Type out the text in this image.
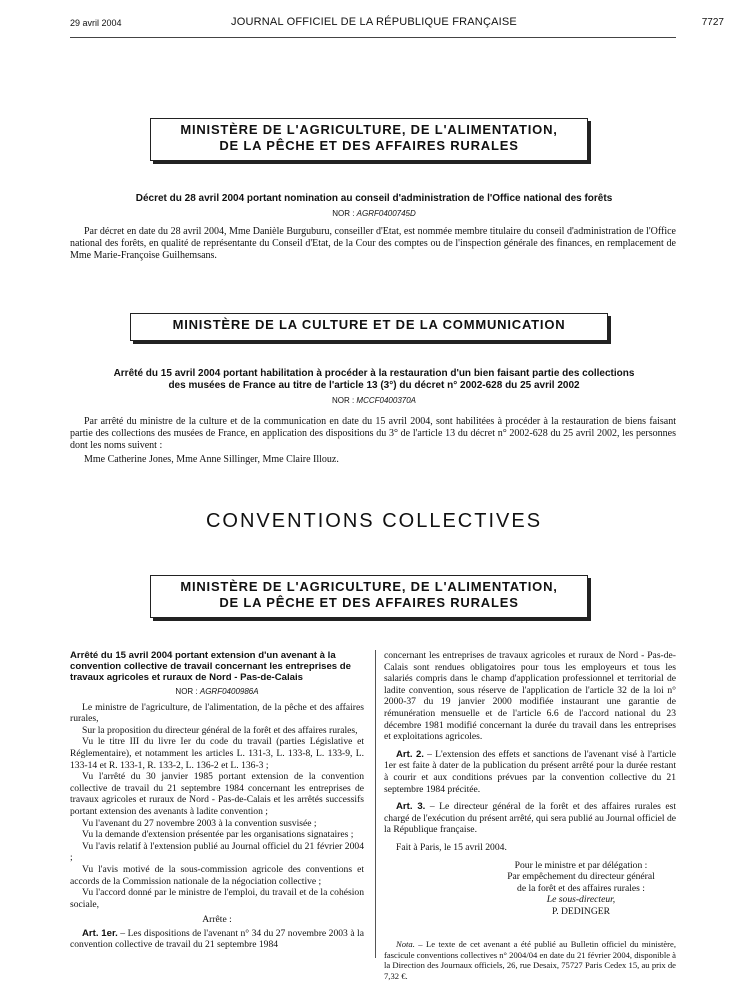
29 avril 2004	JOURNAL OFFICIEL DE LA RÉPUBLIQUE FRANÇAISE	7727
MINISTÈRE DE L'AGRICULTURE, DE L'ALIMENTATION,
DE LA PÊCHE ET DES AFFAIRES RURALES
Décret du 28 avril 2004 portant nomination au conseil d'administration de l'Office national des forêts
NOR : AGRF0400745D

Par décret en date du 28 avril 2004, Mme Danièle Burguburu, conseiller d'Etat, est nommée membre titulaire du conseil d'administration de l'Office national des forêts, en qualité de représentante du Conseil d'Etat, de la Cour des comptes ou de l'inspection générale des finances, en remplacement de Mme Marie-Françoise Guilhemsans.

MINISTÈRE DE LA CULTURE ET DE LA COMMUNICATION
Arrêté du 15 avril 2004 portant habilitation à procéder à la restauration d'un bien faisant partie des collections
des musées de France au titre de l'article 13 (3°) du décret n° 2002-628 du 25 avril 2002
NOR : MCCF0400370A

Par arrêté du ministre de la culture et de la communication en date du 15 avril 2004, sont habilitées à procéder à la restauration de biens faisant partie des collections des musées de France, en application des dispositions du 3° de l'article 13 du décret n° 2002-628 du 25 avril 2002, les personnes dont les noms suivent :

Mme Catherine Jones, Mme Anne Sillinger, Mme Claire Illouz.

CONVENTIONS COLLECTIVES
MINISTÈRE DE L'AGRICULTURE, DE L'ALIMENTATION,
DE LA PÊCHE ET DES AFFAIRES RURALES

Arrêté du 15 avril 2004 portant extension d'un avenant à la convention collective de travail concernant les entreprises de travaux agricoles et ruraux de Nord - Pas-de-Calais

NOR : AGRF0400986A

Le ministre de l'agriculture, de l'alimentation, de la pêche et des affaires rurales,

Sur la proposition du directeur général de la forêt et des affaires rurales,

Vu le titre III du livre Ier du code du travail (parties Législative et Réglementaire), et notamment les articles L. 131-3, L. 133-8, L. 133-9, L. 133-14 et R. 133-1, R. 133-2, L. 136-2 et L. 136-3 ;

Vu l'arrêté du 30 janvier 1985 portant extension de la convention collective de travail du 21 septembre 1984 concernant les entreprises de travaux agricoles et ruraux de Nord - Pas-de-Calais et les arrêtés successifs portant extension des avenants à ladite convention ;

Vu l'avenant du 27 novembre 2003 à la convention susvisée ;

Vu la demande d'extension présentée par les organisations signataires ;

Vu l'avis relatif à l'extension publié au Journal officiel du 21 février 2004 ;

Vu l'avis motivé de la sous-commission agricole des conventions et accords de la Commission nationale de la négociation collective ;

Vu l'accord donné par le ministre de l'emploi, du travail et de la cohésion sociale,

Arrête :

Art. 1er. – Les dispositions de l'avenant n° 34 du 27 novembre 2003 à la convention collective de travail du 21 septembre 1984

concernant les entreprises de travaux agricoles et ruraux de Nord - Pas-de-Calais sont rendues obligatoires pour tous les employeurs et tous les salariés compris dans le champ d'application professionnel et territorial de ladite convention, sous réserve de l'application de l'article 32 de la loi n° 2000-37 du 19 janvier 2000 modifiée instaurant une garantie de rémunération mensuelle et de l'article 6.6 de l'accord national du 23 décembre 1981 modifié concernant la durée du travail dans les entreprises et exploitations agricoles.

Art. 2. – L'extension des effets et sanctions de l'avenant visé à l'article 1er est faite à dater de la publication du présent arrêté pour la durée restant à courir et aux conditions prévues par la convention collective du 21 septembre 1984 précitée.

Art. 3. – Le directeur général de la forêt et des affaires rurales est chargé de l'exécution du présent arrêté, qui sera publié au Journal officiel de la République française.

Fait à Paris, le 15 avril 2004.

Pour le ministre et par délégation :

Par empêchement du directeur général

de la forêt et des affaires rurales :

Le sous-directeur,

P. DEDINGER

Nota. – Le texte de cet avenant a été publié au Bulletin officiel du ministère, fascicule conventions collectives n° 2004/04 en date du 21 février 2004, disponible à la Direction des Journaux officiels, 26, rue Desaix, 75727 Paris Cedex 15, au prix de 7,32 €.
